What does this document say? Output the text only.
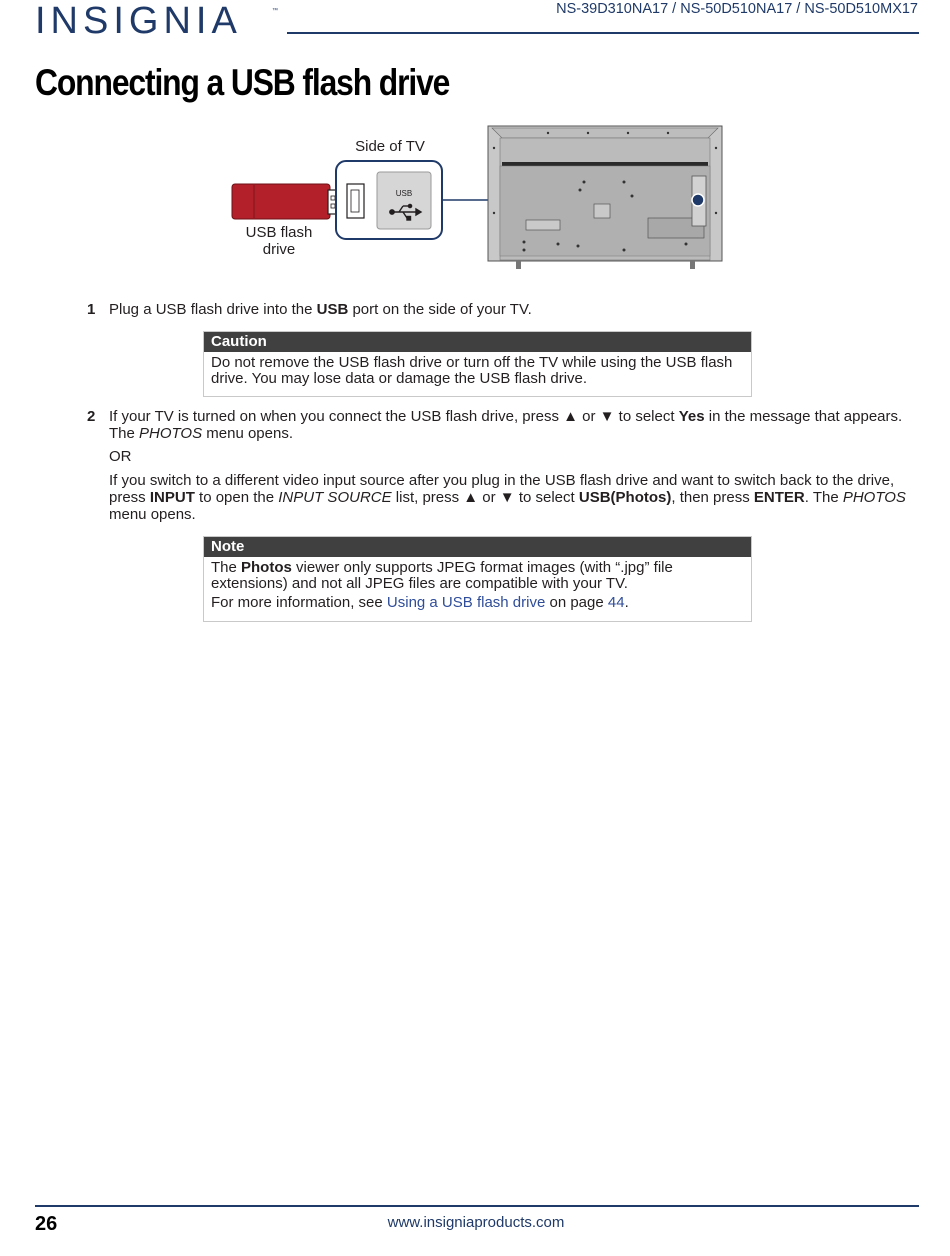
INSIGNIA	™	NS-39D310NA17 / NS-50D510NA17 / NS-50D510MX17
Connecting a USB flash drive
USB flash
drive
Side of TV
USB
1 Plug a USB flash drive into the USB port on the side of your TV.
Caution
Do not remove the USB flash drive or turn off the TV while using the USB flash drive. You may lose data or damage the USB flash drive.
2 If your TV is turned on when you connect the USB flash drive, press ▲ or ▼ to select Yes in the message that appears. The PHOTOS menu opens.
OR
If you switch to a different video input source after you plug in the USB flash drive and want to switch back to the drive, press INPUT to open the INPUT SOURCE list, press ▲ or ▼ to select USB(Photos), then press ENTER. The PHOTOS menu opens.
Note
The Photos viewer only supports JPEG format images (with “.jpg” file extensions) and not all JPEG files are compatible with your TV.
For more information, see Using a USB flash drive on page 44.
26	www.insigniaproducts.com
